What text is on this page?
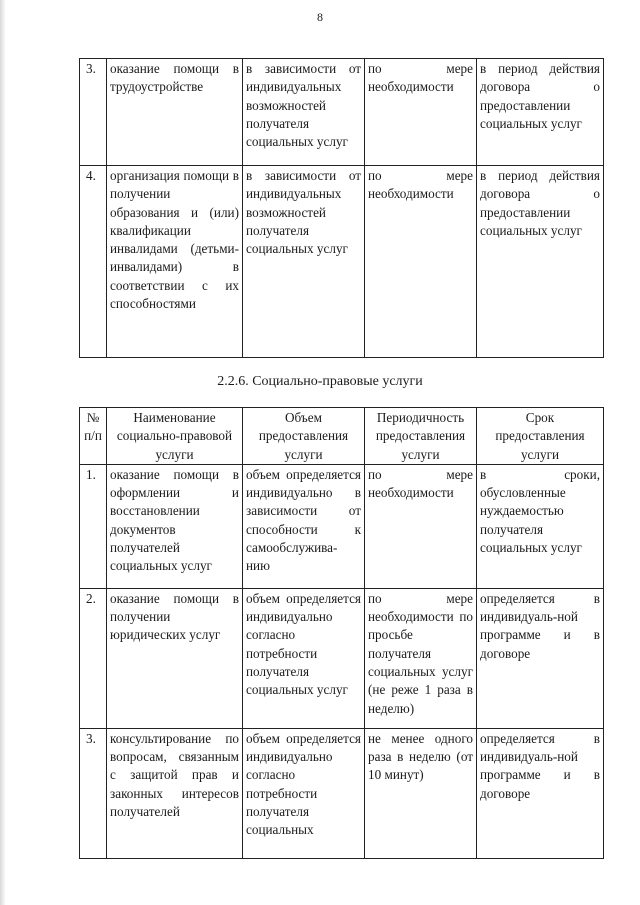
8
3.	оказание помощи в трудоустройстве	в зависимости от индивидуальных возможностей получателя социальных услуг	по мере необходимости	в период действия договора о предоставлении социальных услуг
4.	организация помощи в получении образования и (или) квалификации инвалидами (детьми-инвалидами) в соответствии с их способностями	в зависимости от индивидуальных возможностей получателя социальных услуг	по мере необходимости	в период действия договора о предоставлении социальных услуг
2.2.6. Социально-правовые услуги
№ п/п	Наименование социально-правовой услуги	Объем предоставления услуги	Периодичность предоставления услуги	Срок предоставления услуги
1.	оказание помощи в оформлении и восстановлении документов получателей социальных услуг	объем определяется индивидуально в зависимости от способности к самообслужива-нию	по мере необходимости	в сроки, обусловленные нуждаемостью получателя социальных услуг
2.	оказание помощи в получении юридических услуг	объем определяется индивидуально согласно потребности получателя социальных услуг	по мере необходимости по просьбе получателя социальных услуг (не реже 1 раза в неделю)	определяется в индивидуаль-ной программе и в договоре
3.	консультирование по вопросам, связанным с защитой прав и законных интересов получателей	объем определяется индивидуально согласно потребности получателя социальных	не менее одного раза в неделю (от 10 минут)	определяется в индивидуаль-ной программе и в договоре
